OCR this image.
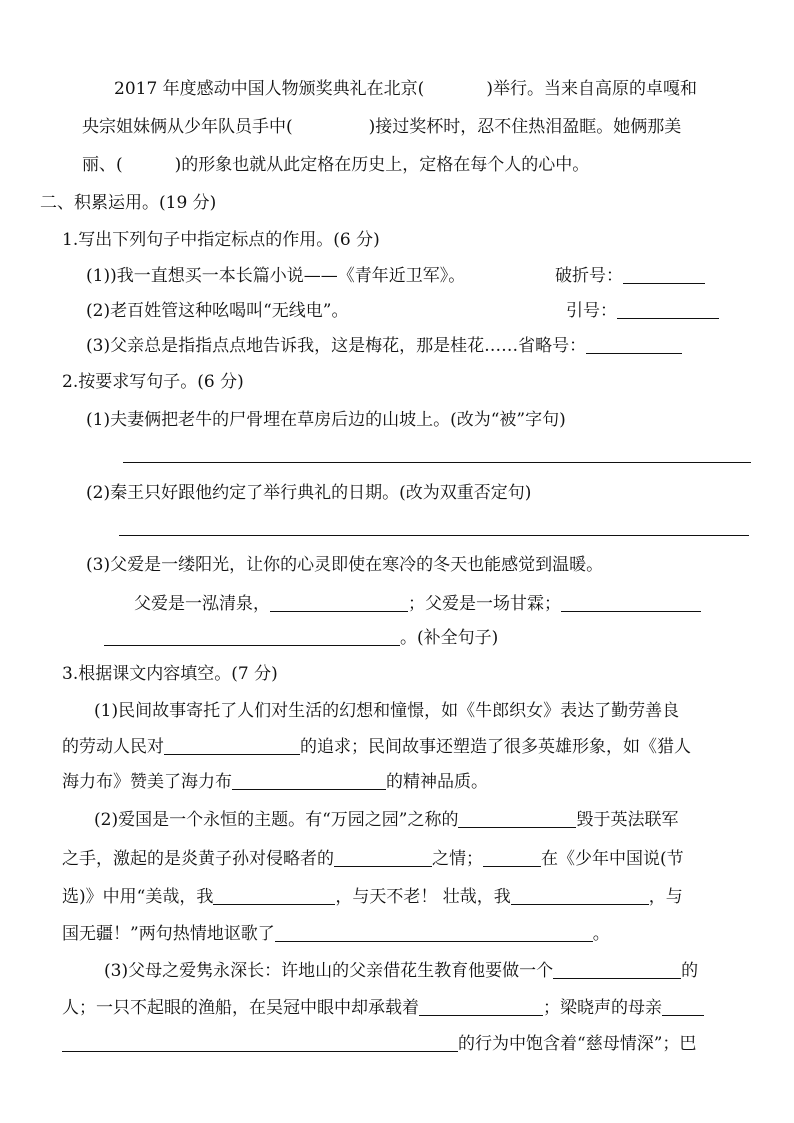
2017 年度感动中国人物颁奖典礼在北京(	)举行。当来自高原的卓嘎和
央宗姐妹俩从少年队员手中(	)接过奖杯时，忍不住热泪盈眶。她俩那美
丽、(	)的形象也就从此定格在历史上，定格在每个人的心中。
二、积累运用。(19 分)
1.写出下列句子中指定标点的作用。(6 分)
(1))我一直想买一本长篇小说——《青年近卫军》。	破折号：
(2)老百姓管这种吆喝叫“无线电”。	引号：
(3)父亲总是指指点点地告诉我，这是梅花，那是桂花……省略号：
2.按要求写句子。(6 分)
(1)夫妻俩把老牛的尸骨埋在草房后边的山坡上。(改为“被”字句)
(2)秦王只好跟他约定了举行典礼的日期。(改为双重否定句)
(3)父爱是一缕阳光，让你的心灵即使在寒冷的冬天也能感觉到温暖。
父爱是一泓清泉，	；父爱是一场甘霖；
。(补全句子)
3.根据课文内容填空。(7 分)
(1)民间故事寄托了人们对生活的幻想和憧憬，如《牛郎织女》表达了勤劳善良
的劳动人民对	的追求；民间故事还塑造了很多英雄形象，如《猎人
海力布》赞美了海力布	的精神品质。
(2)爱国是一个永恒的主题。有“万园之园”之称的	毁于英法联军
之手，激起的是炎黄子孙对侵略者的	之情；	在《少年中国说(节
选)》中用“美哉，我	，与天不老！ 壮哉，我	，与
国无疆！”两句热情地讴歌了	。
(3)父母之爱隽永深长：许地山的父亲借花生教育他要做一个	的
人；一只不起眼的渔船，在吴冠中眼中却承载着	；梁晓声的母亲
的行为中饱含着“慈母情深”；巴
